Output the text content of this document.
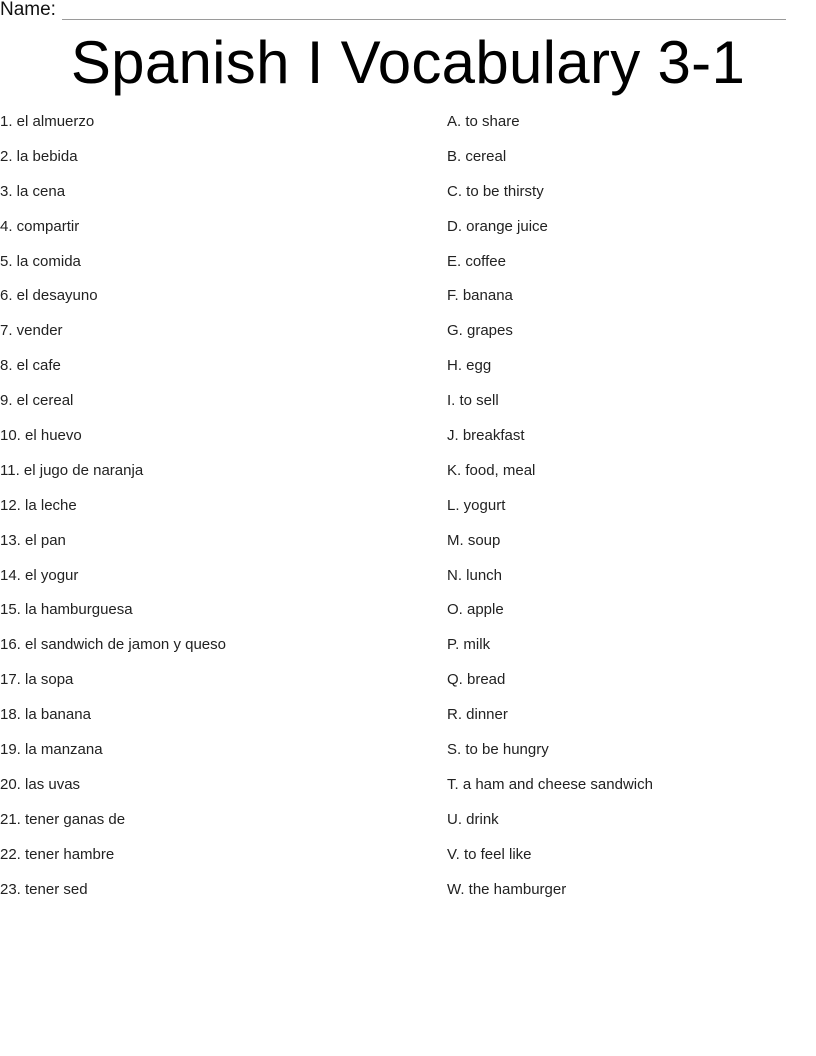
Name:
Spanish I Vocabulary 3-1
1. el almuerzo
2. la bebida
3. la cena
4. compartir
5. la comida
6. el desayuno
7. vender
8. el cafe
9. el cereal
10. el huevo
11. el jugo de naranja
12. la leche
13. el pan
14. el yogur
15. la hamburguesa
16. el sandwich de jamon y queso
17. la sopa
18. la banana
19. la manzana
20. las uvas
21. tener ganas de
22. tener hambre
23. tener sed
A. to share
B. cereal
C. to be thirsty
D. orange juice
E. coffee
F. banana
G. grapes
H. egg
I. to sell
J. breakfast
K. food, meal
L. yogurt
M. soup
N. lunch
O. apple
P. milk
Q. bread
R. dinner
S. to be hungry
T. a ham and cheese sandwich
U. drink
V. to feel like
W. the hamburger
